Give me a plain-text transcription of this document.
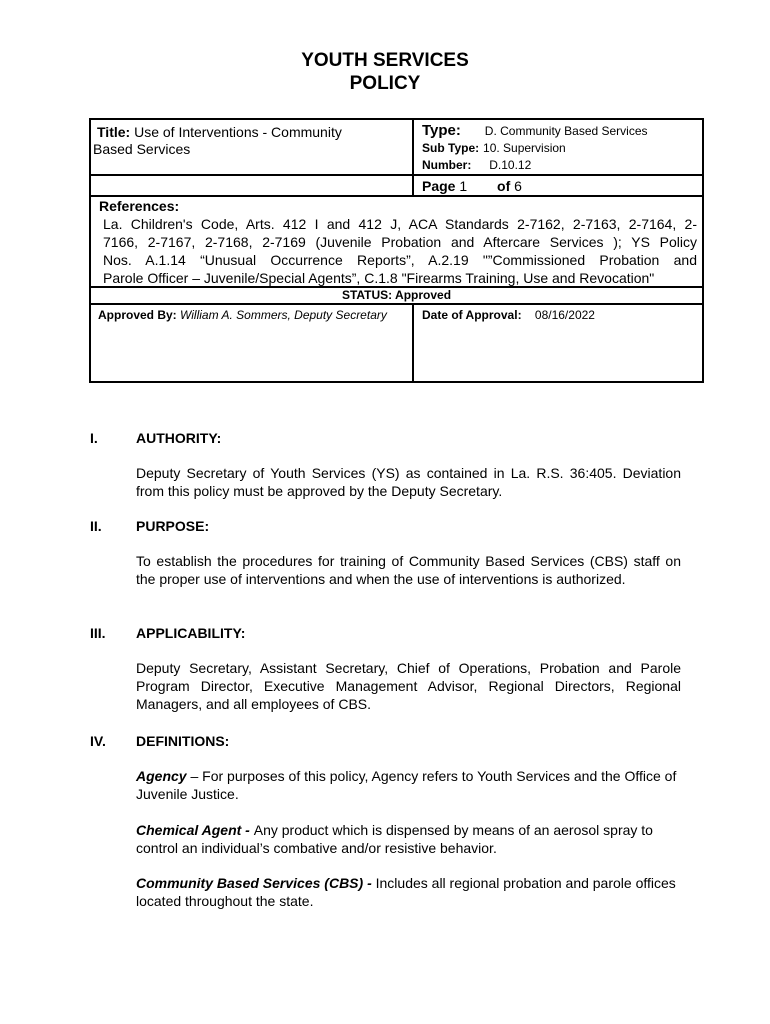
YOUTH SERVICES
POLICY
Title: Use of Interventions - Community
Based Services
Type: D. Community Based Services
Sub Type: 10. Supervision
Number: D.10.12
Page 1 of 6
References:
La. Children's Code, Arts. 412 I and 412 J, ACA Standards 2-7162, 2-7163, 2-7164, 2-
7166, 2-7167, 2-7168, 2-7169 (Juvenile Probation and Aftercare Services ); YS Policy
Nos. A.1.14 “Unusual Occurrence Reports”, A.2.19 "”Commissioned Probation and
Parole Officer – Juvenile/Special Agents”, C.1.8 "Firearms Training, Use and Revocation"
STATUS: Approved
Approved By: William A. Sommers, Deputy Secretary	Date of Approval: 08/16/2022
I.	AUTHORITY:
Deputy Secretary of Youth Services (YS) as contained in La. R.S. 36:405. Deviation from this policy must be approved by the Deputy Secretary.
II. PURPOSE:
To establish the procedures for training of Community Based Services (CBS) staff on the proper use of interventions and when the use of interventions is authorized.
III. APPLICABILITY:
Deputy Secretary, Assistant Secretary, Chief of Operations, Probation and Parole Program Director, Executive Management Advisor, Regional Directors, Regional Managers, and all employees of CBS.
IV. DEFINITIONS:
Agency – For purposes of this policy, Agency refers to Youth Services and the Office of Juvenile Justice.
Chemical Agent - Any product which is dispensed by means of an aerosol spray to control an individual’s combative and/or resistive behavior.
Community Based Services (CBS) - Includes all regional probation and parole offices located throughout the state.
